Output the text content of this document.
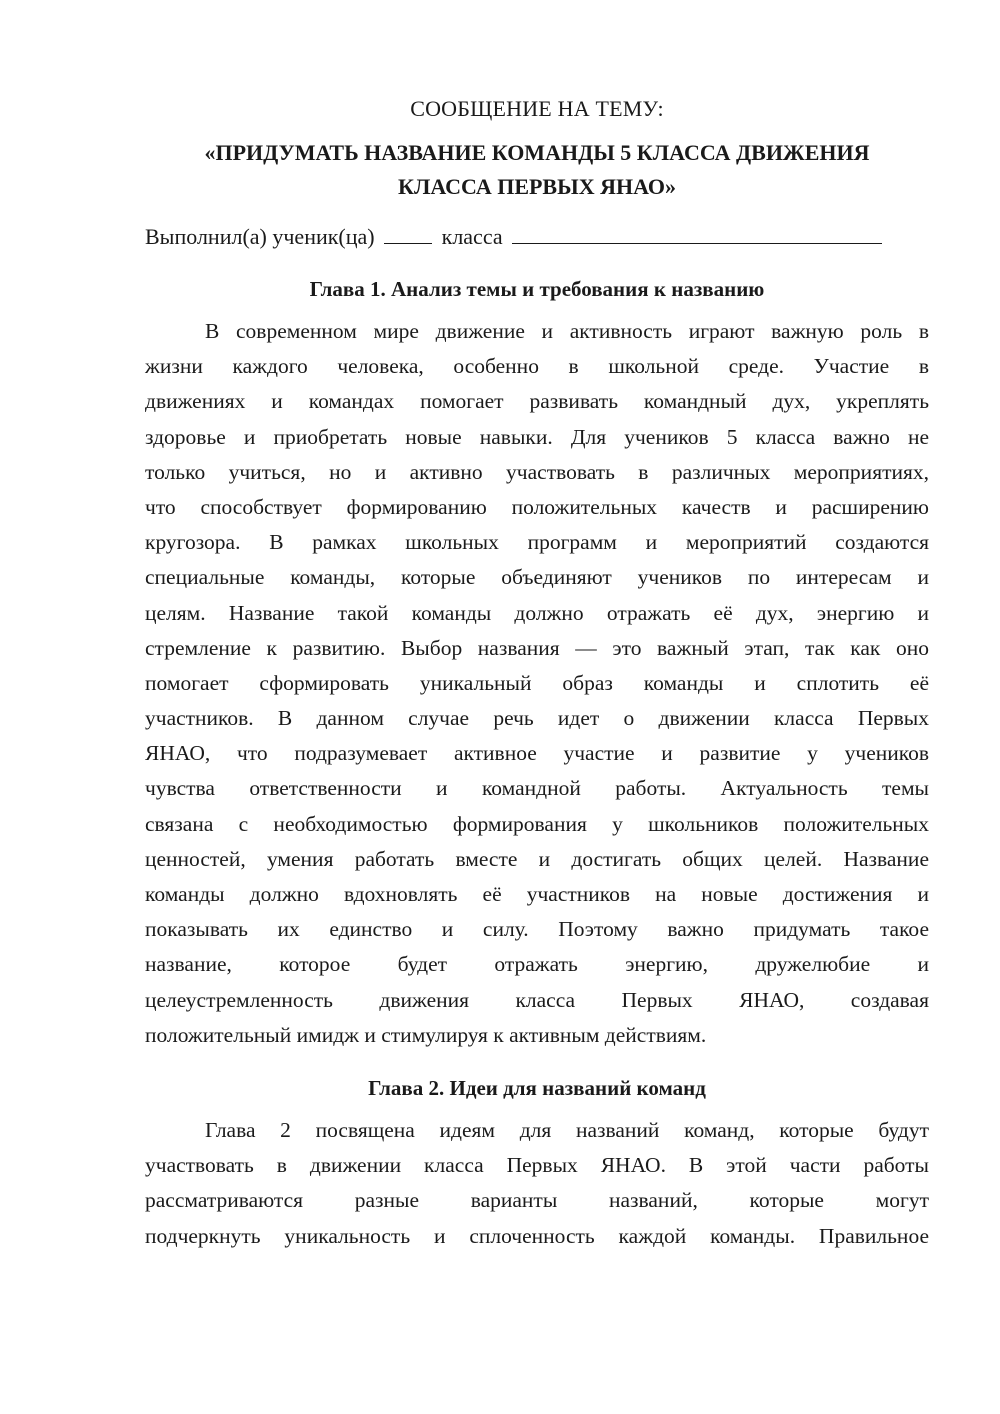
СООБЩЕНИЕ НА ТЕМУ:
«ПРИДУМАТЬ НАЗВАНИЕ КОМАНДЫ 5 КЛАССА ДВИЖЕНИЯ
КЛАССА ПЕРВЫХ ЯНАО»
Выполнил(а) ученик(ца)	класса
Глава 1. Анализ темы и требования к названию
В современном мире движение и активность играют важную роль в
жизни каждого человека, особенно в школьной среде. Участие в
движениях и командах помогает развивать командный дух, укреплять
здоровье и приобретать новые навыки. Для учеников 5 класса важно не
только учиться, но и активно участвовать в различных мероприятиях,
что способствует формированию положительных качеств и расширению
кругозора. В рамках школьных программ и мероприятий создаются
специальные команды, которые объединяют учеников по интересам и
целям. Название такой команды должно отражать её дух, энергию и
стремление к развитию. Выбор названия — это важный этап, так как оно
помогает сформировать уникальный образ команды и сплотить её
участников. В данном случае речь идет о движении класса Первых
ЯНАО, что подразумевает активное участие и развитие у учеников
чувства ответственности и командной работы. Актуальность темы
связана с необходимостью формирования у школьников положительных
ценностей, умения работать вместе и достигать общих целей. Название
команды должно вдохновлять её участников на новые достижения и
показывать их единство и силу. Поэтому важно придумать такое
название, которое будет отражать энергию, дружелюбие и
целеустремленность движения класса Первых ЯНАО, создавая
положительный имидж и стимулируя к активным действиям.
Глава 2. Идеи для названий команд
Глава 2 посвящена идеям для названий команд, которые будут
участвовать в движении класса Первых ЯНАО. В этой части работы
рассматриваются разные варианты названий, которые могут
подчеркнуть уникальность и сплоченность каждой команды. Правильное
